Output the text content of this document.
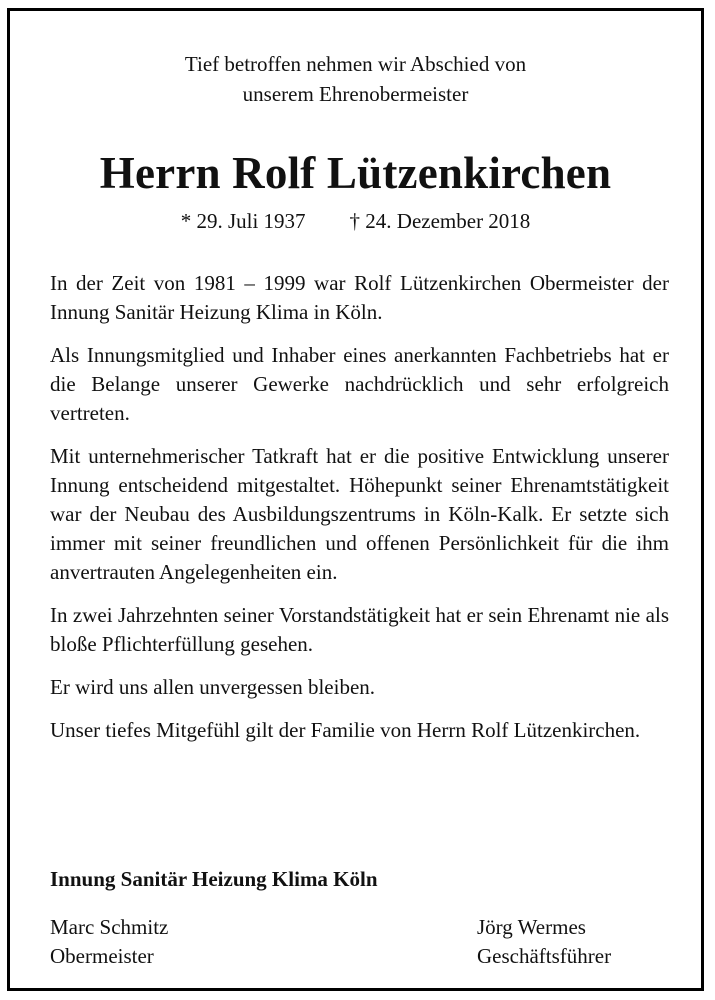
Tief betroffen nehmen wir Abschied von
unserem Ehrenobermeister
Herrn Rolf Lützenkirchen
* 29. Juli 1937 † 24. Dezember 2018

In der Zeit von 1981 – 1999 war Rolf Lützenkirchen Obermeister der Innung Sanitär Heizung Klima in Köln.

Als Innungsmitglied und Inhaber eines anerkannten Fachbetriebs hat er die Belange unserer Gewerke nachdrücklich und sehr erfolgreich vertreten.

Mit unternehmerischer Tatkraft hat er die positive Entwicklung unserer Innung entscheidend mitgestaltet. Höhepunkt seiner Ehrenamtstätigkeit war der Neubau des Ausbildungszentrums in Köln-Kalk. Er setzte sich immer mit seiner freundlichen und offenen Persönlichkeit für die ihm anvertrauten Angelegenheiten ein.

In zwei Jahrzehnten seiner Vorstandstätigkeit hat er sein Ehrenamt nie als bloße Pflichterfüllung gesehen.

Er wird uns allen unvergessen bleiben.

Unser tiefes Mitgefühl gilt der Familie von Herrn Rolf Lützenkirchen.

Innung Sanitär Heizung Klima Köln
Marc Schmitz
Obermeister
Jörg Wermes
Geschäftsführer
